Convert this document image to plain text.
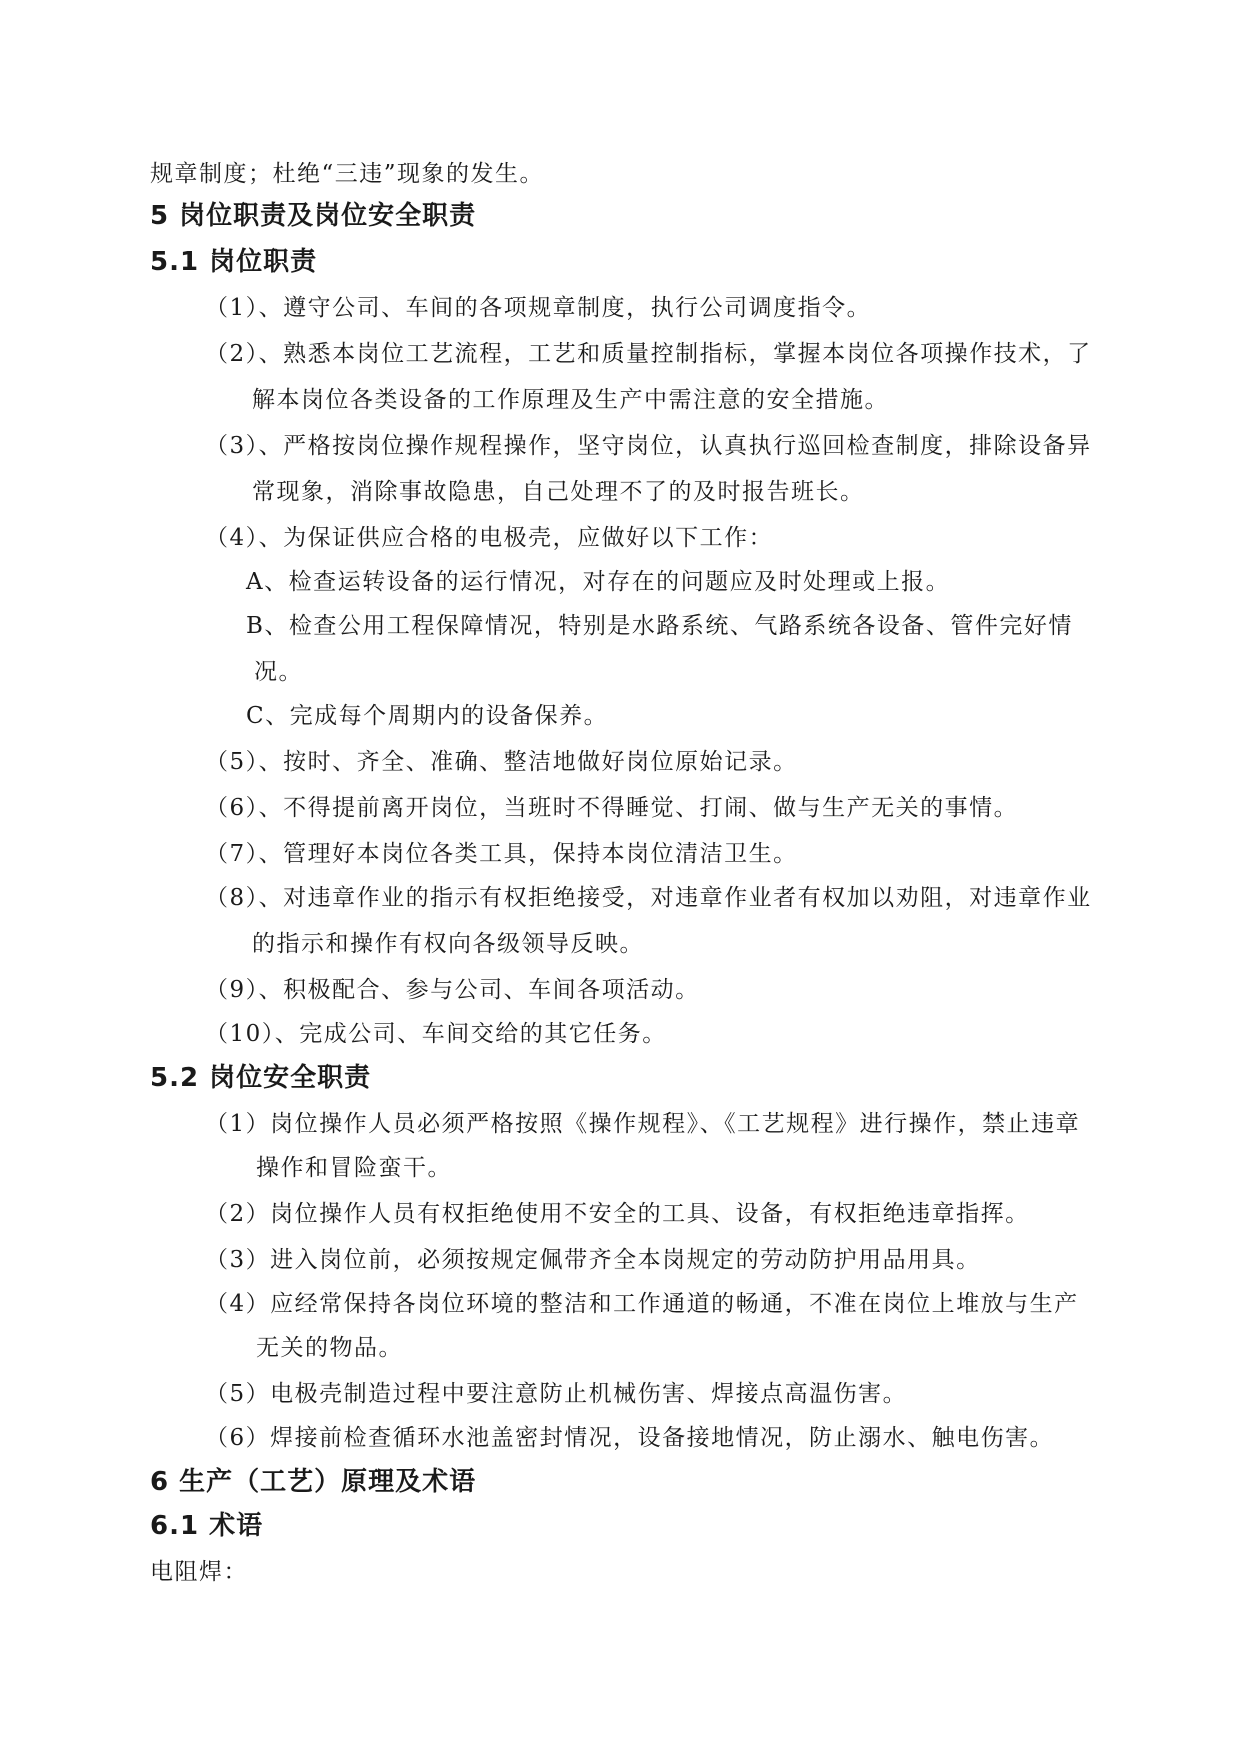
规章制度；杜绝“三违”现象的发生。
5 岗位职责及岗位安全职责
5.1 岗位职责
（1）、遵守公司、车间的各项规章制度，执行公司调度指令。
（2）、熟悉本岗位工艺流程，工艺和质量控制指标，掌握本岗位各项操作技术，了
解本岗位各类设备的工作原理及生产中需注意的安全措施。
（3）、严格按岗位操作规程操作，坚守岗位，认真执行巡回检查制度，排除设备异
常现象，消除事故隐患，自己处理不了的及时报告班长。
（4）、为保证供应合格的电极壳，应做好以下工作：
A、检查运转设备的运行情况，对存在的问题应及时处理或上报。
B、检查公用工程保障情况，特别是水路系统、气路系统各设备、管件完好情
况。
C、完成每个周期内的设备保养。
（5）、按时、齐全、准确、整洁地做好岗位原始记录。
（6）、不得提前离开岗位，当班时不得睡觉、打闹、做与生产无关的事情。
（7）、管理好本岗位各类工具，保持本岗位清洁卫生。
（8）、对违章作业的指示有权拒绝接受，对违章作业者有权加以劝阻，对违章作业
的指示和操作有权向各级领导反映。
（9）、积极配合、参与公司、车间各项活动。
（10）、完成公司、车间交给的其它任务。
5.2 岗位安全职责
（1）岗位操作人员必须严格按照《操作规程》、《工艺规程》进行操作，禁止违章
操作和冒险蛮干。
（2）岗位操作人员有权拒绝使用不安全的工具、设备，有权拒绝违章指挥。
（3）进入岗位前，必须按规定佩带齐全本岗规定的劳动防护用品用具。
（4）应经常保持各岗位环境的整洁和工作通道的畅通，不准在岗位上堆放与生产
无关的物品。
（5）电极壳制造过程中要注意防止机械伤害、焊接点高温伤害。
（6）焊接前检查循环水池盖密封情况，设备接地情况，防止溺水、触电伤害。
6 生产（工艺）原理及术语
6.1 术语
电阻焊：
